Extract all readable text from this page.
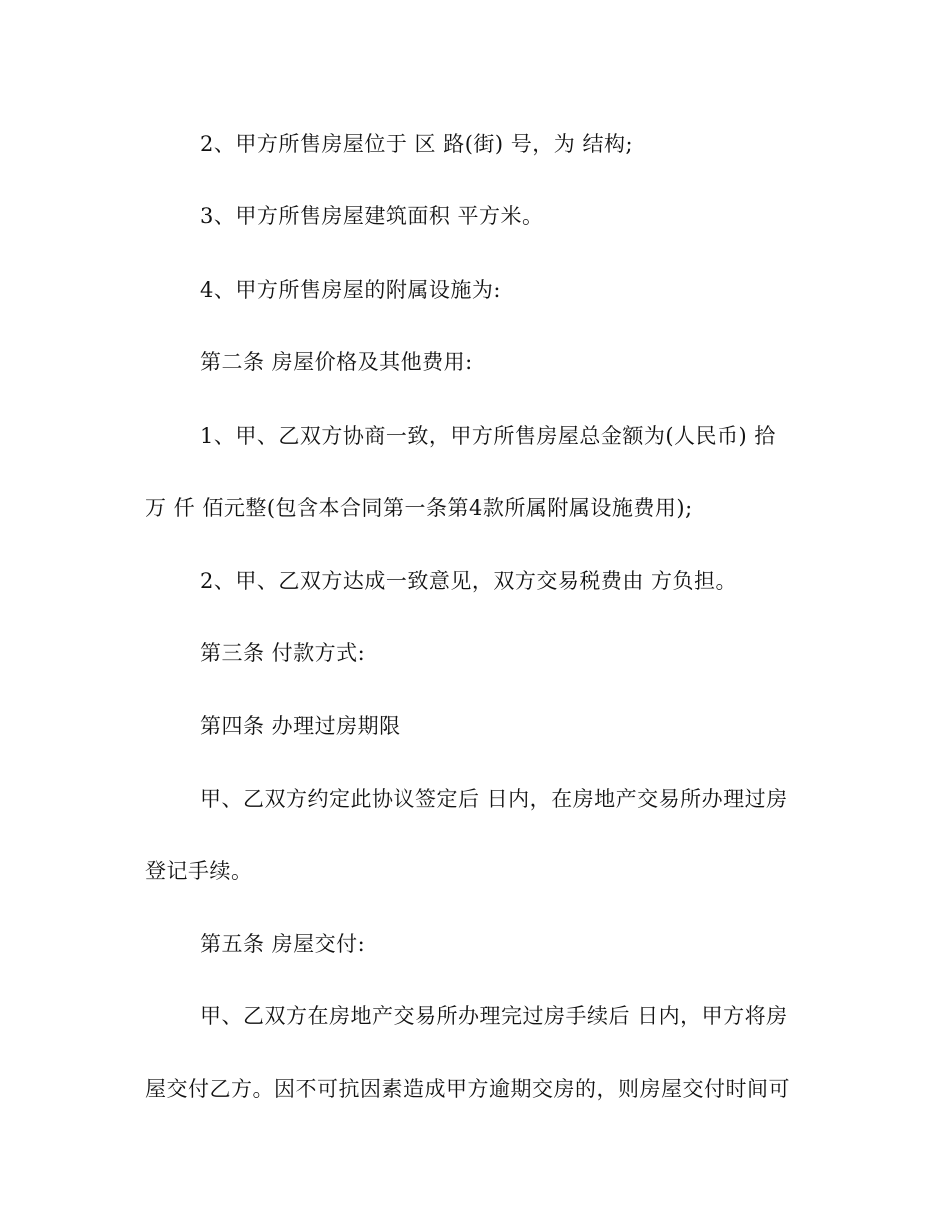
2、甲方所售房屋位于 区 路(街) 号，为 结构;
3、甲方所售房屋建筑面积 平方米。
4、甲方所售房屋的附属设施为:
第二条 房屋价格及其他费用:
1、甲、乙双方协商一致，甲方所售房屋总金额为(人民币) 拾
万 仟 佰元整(包含本合同第一条第4款所属附属设施费用);
2、甲、乙双方达成一致意见，双方交易税费由 方负担。
第三条 付款方式:
第四条 办理过房期限
甲、乙双方约定此协议签定后 日内，在房地产交易所办理过房
登记手续。
第五条 房屋交付:
甲、乙双方在房地产交易所办理完过房手续后 日内，甲方将房
屋交付乙方。因不可抗因素造成甲方逾期交房的，则房屋交付时间可
